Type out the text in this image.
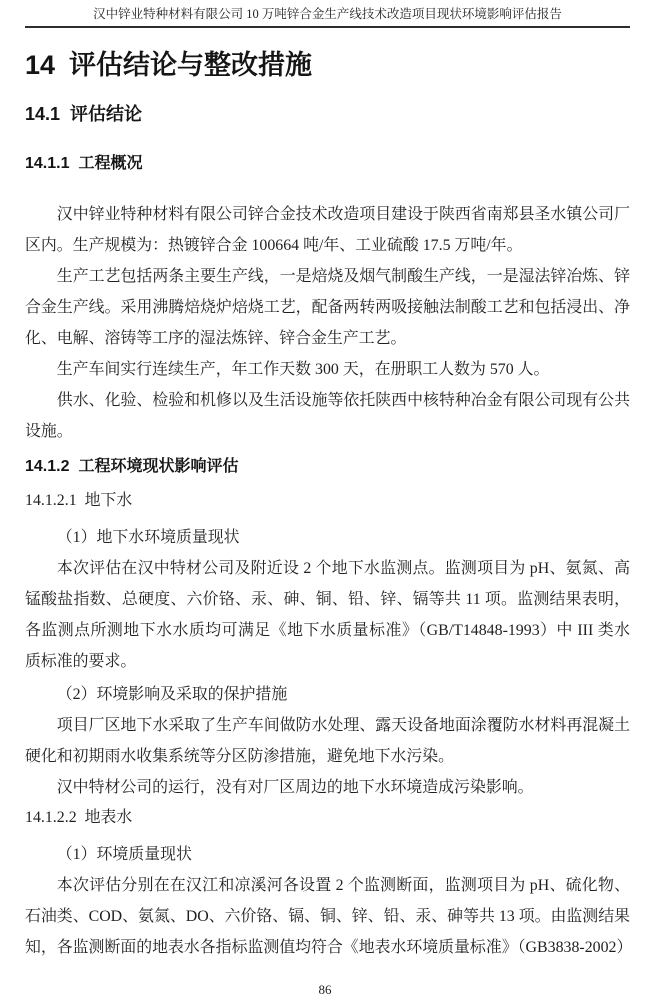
汉中锌业特种材料有限公司 10 万吨锌合金生产线技术改造项目现状环境影响评估报告
14 评估结论与整改措施
14.1 评估结论
14.1.1 工程概况

汉中锌业特种材料有限公司锌合金技术改造项目建设于陕西省南郑县圣水镇公司厂区内。生产规模为：热镀锌合金 100664 吨/年、工业硫酸 17.5 万吨/年。

生产工艺包括两条主要生产线，一是焙烧及烟气制酸生产线，一是湿法锌冶炼、锌合金生产线。采用沸腾焙烧炉焙烧工艺，配备两转两吸接触法制酸工艺和包括浸出、净化、电解、溶铸等工序的湿法炼锌、锌合金生产工艺。

生产车间实行连续生产，年工作天数 300 天，在册职工人数为 570 人。

供水、化验、检验和机修以及生活设施等依托陕西中核特种冶金有限公司现有公共设施。

14.1.2 工程环境现状影响评估
14.1.2.1 地下水

（1）地下水环境质量现状

本次评估在汉中特材公司及附近设 2 个地下水监测点。监测项目为 pH、氨氮、高锰酸盐指数、总硬度、六价铬、汞、砷、铜、铅、锌、镉等共 11 项。监测结果表明，各监测点所测地下水水质均可满足《地下水质量标准》（GB/T14848-1993）中 III 类水质标准的要求。

（2）环境影响及采取的保护措施

项目厂区地下水采取了生产车间做防水处理、露天设备地面涂覆防水材料再混凝土硬化和初期雨水收集系统等分区防渗措施，避免地下水污染。

汉中特材公司的运行，没有对厂区周边的地下水环境造成污染影响。

14.1.2.2 地表水

（1）环境质量现状

本次评估分别在在汉江和凉溪河各设置 2 个监测断面，监测项目为 pH、硫化物、石油类、COD、氨氮、DO、六价铬、镉、铜、锌、铅、汞、砷等共 13 项。由监测结果知，各监测断面的地表水各指标监测值均符合《地表水环境质量标准》（GB3838-2002）

86
